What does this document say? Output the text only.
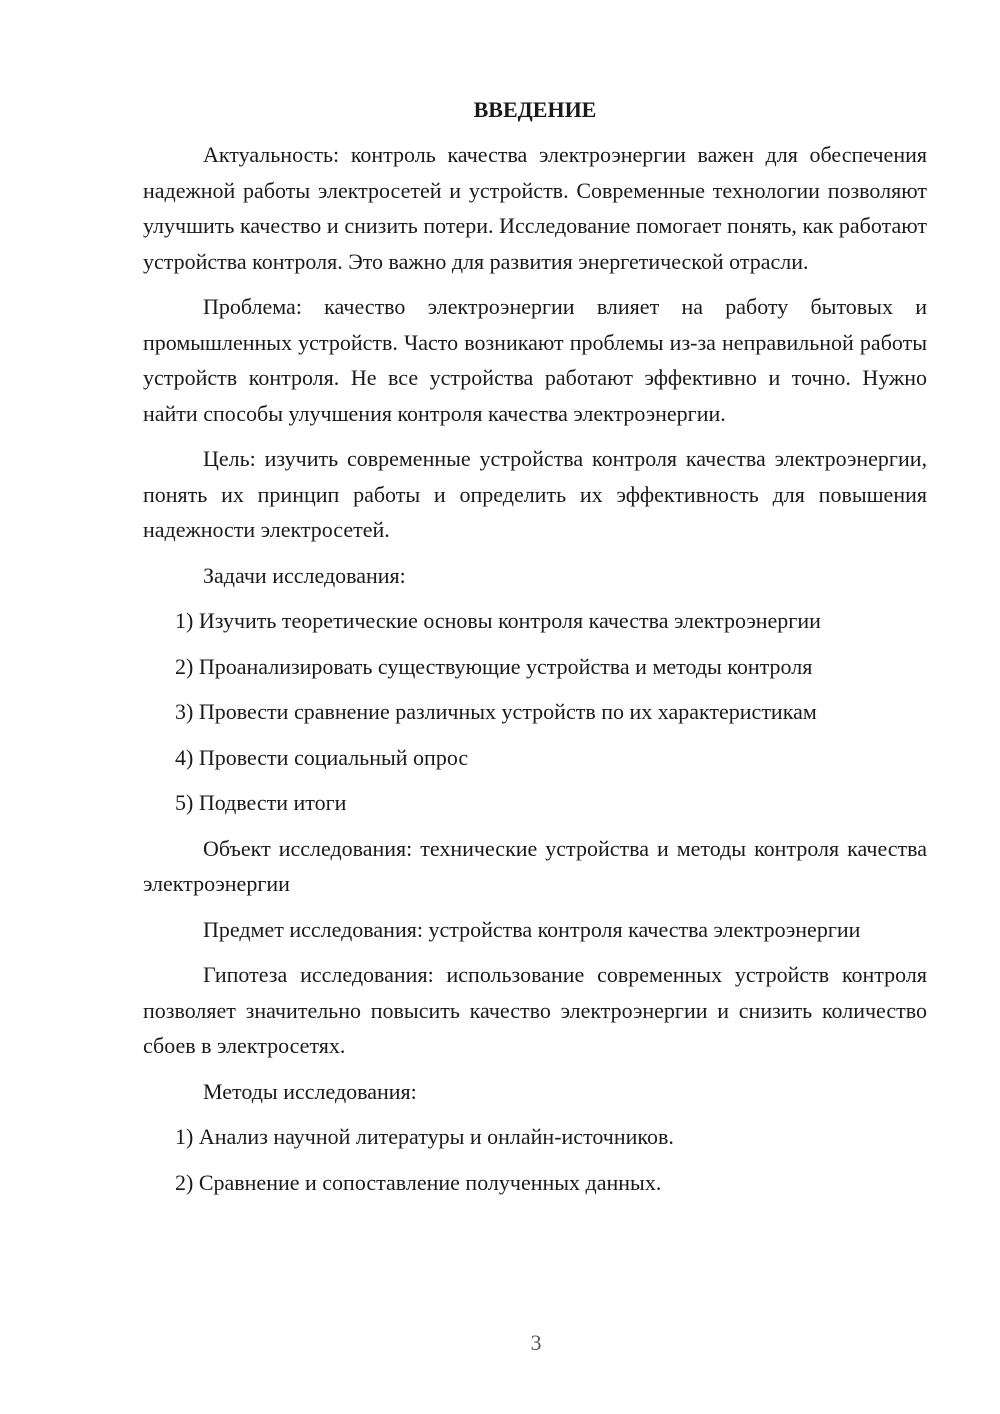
ВВЕДЕНИЕ

Актуальность: контроль качества электроэнергии важен для обеспечения надежной работы электросетей и устройств. Современные технологии позволяют улучшить качество и снизить потери. Исследование помогает понять, как работают устройства контроля. Это важно для развития энергетической отрасли.

Проблема: качество электроэнергии влияет на работу бытовых и промышленных устройств. Часто возникают проблемы из-за неправильной работы устройств контроля. Не все устройства работают эффективно и точно. Нужно найти способы улучшения контроля качества электроэнергии.

Цель: изучить современные устройства контроля качества электроэнергии, понять их принцип работы и определить их эффективность для повышения надежности электросетей.

Задачи исследования:

1) Изучить теоретические основы контроля качества электроэнергии
2) Проанализировать существующие устройства и методы контроля
3) Провести сравнение различных устройств по их характеристикам
4) Провести социальный опрос
5) Подвести итоги

Объект исследования: технические устройства и методы контроля качества электроэнергии

Предмет исследования: устройства контроля качества электроэнергии

Гипотеза исследования: использование современных устройств контроля позволяет значительно повысить качество электроэнергии и снизить количество сбоев в электросетях.

Методы исследования:

1) Анализ научной литературы и онлайн-источников.
2) Сравнение и сопоставление полученных данных.
3
